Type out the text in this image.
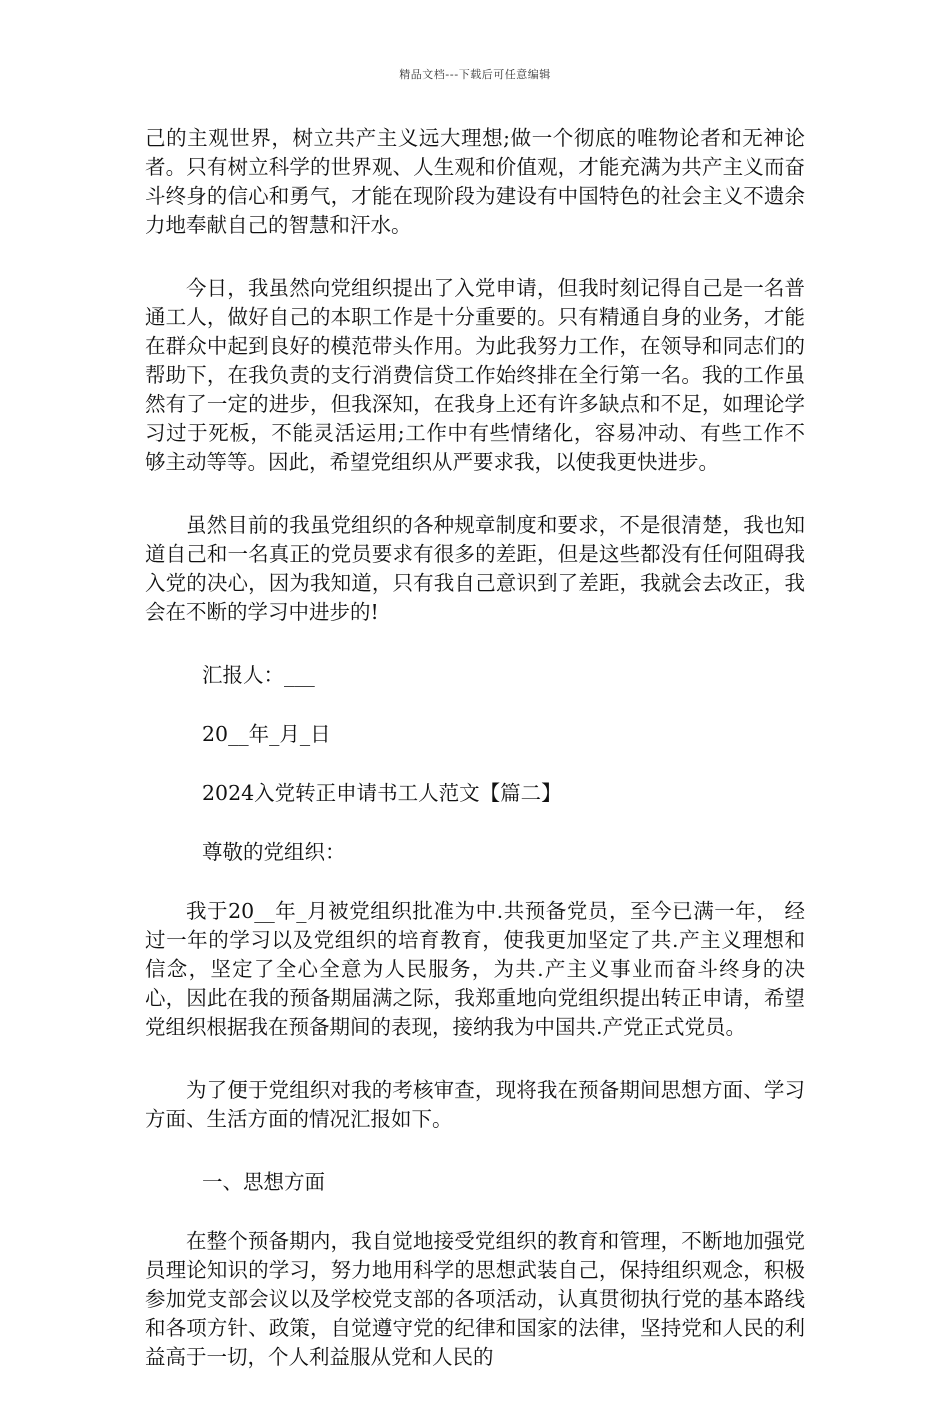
精品文档---下载后可任意编辑

己的主观世界，树立共产主义远大理想;做一个彻底的唯物论者和无神论者。只有树立科学的世界观、人生观和价值观，才能充满为共产主义而奋斗终身的信心和勇气，才能在现阶段为建设有中国特色的社会主义不遗余力地奉献自己的智慧和汗水。

今日，我虽然向党组织提出了入党申请，但我时刻记得自己是一名普通工人，做好自己的本职工作是十分重要的。只有精通自身的业务，才能在群众中起到良好的模范带头作用。为此我努力工作，在领导和同志们的帮助下，在我负责的支行消费信贷工作始终排在全行第一名。我的工作虽然有了一定的进步，但我深知，在我身上还有许多缺点和不足，如理论学习过于死板，不能灵活运用;工作中有些情绪化，容易冲动、有些工作不够主动等等。因此，希望党组织从严要求我，以使我更快进步。

虽然目前的我虽党组织的各种规章制度和要求，不是很清楚，我也知道自己和一名真正的党员要求有很多的差距，但是这些都没有任何阻碍我入党的决心，因为我知道，只有我自己意识到了差距，我就会去改正，我会在不断的学习中进步的!

汇报人：___

20__年_月_日

2024入党转正申请书工人范文【篇二】

尊敬的党组织：

我于20__年_月被党组织批准为中.共预备党员，至今已满一年， 经过一年的学习以及党组织的培育教育，使我更加坚定了共.产主义理想和信念，坚定了全心全意为人民服务，为共.产主义事业而奋斗终身的决心，因此在我的预备期届满之际，我郑重地向党组织提出转正申请，希望党组织根据我在预备期间的表现，接纳我为中国共.产党正式党员。

为了便于党组织对我的考核审查，现将我在预备期间思想方面、学习方面、生活方面的情况汇报如下。

一、思想方面

在整个预备期内，我自觉地接受党组织的教育和管理，不断地加强党员理论知识的学习，努力地用科学的思想武装自己，保持组织观念，积极参加党支部会议以及学校党支部的各项活动，认真贯彻执行党的基本路线和各项方针、政策，自觉遵守党的纪律和国家的法律，坚持党和人民的利益高于一切，个人利益服从党和人民的
